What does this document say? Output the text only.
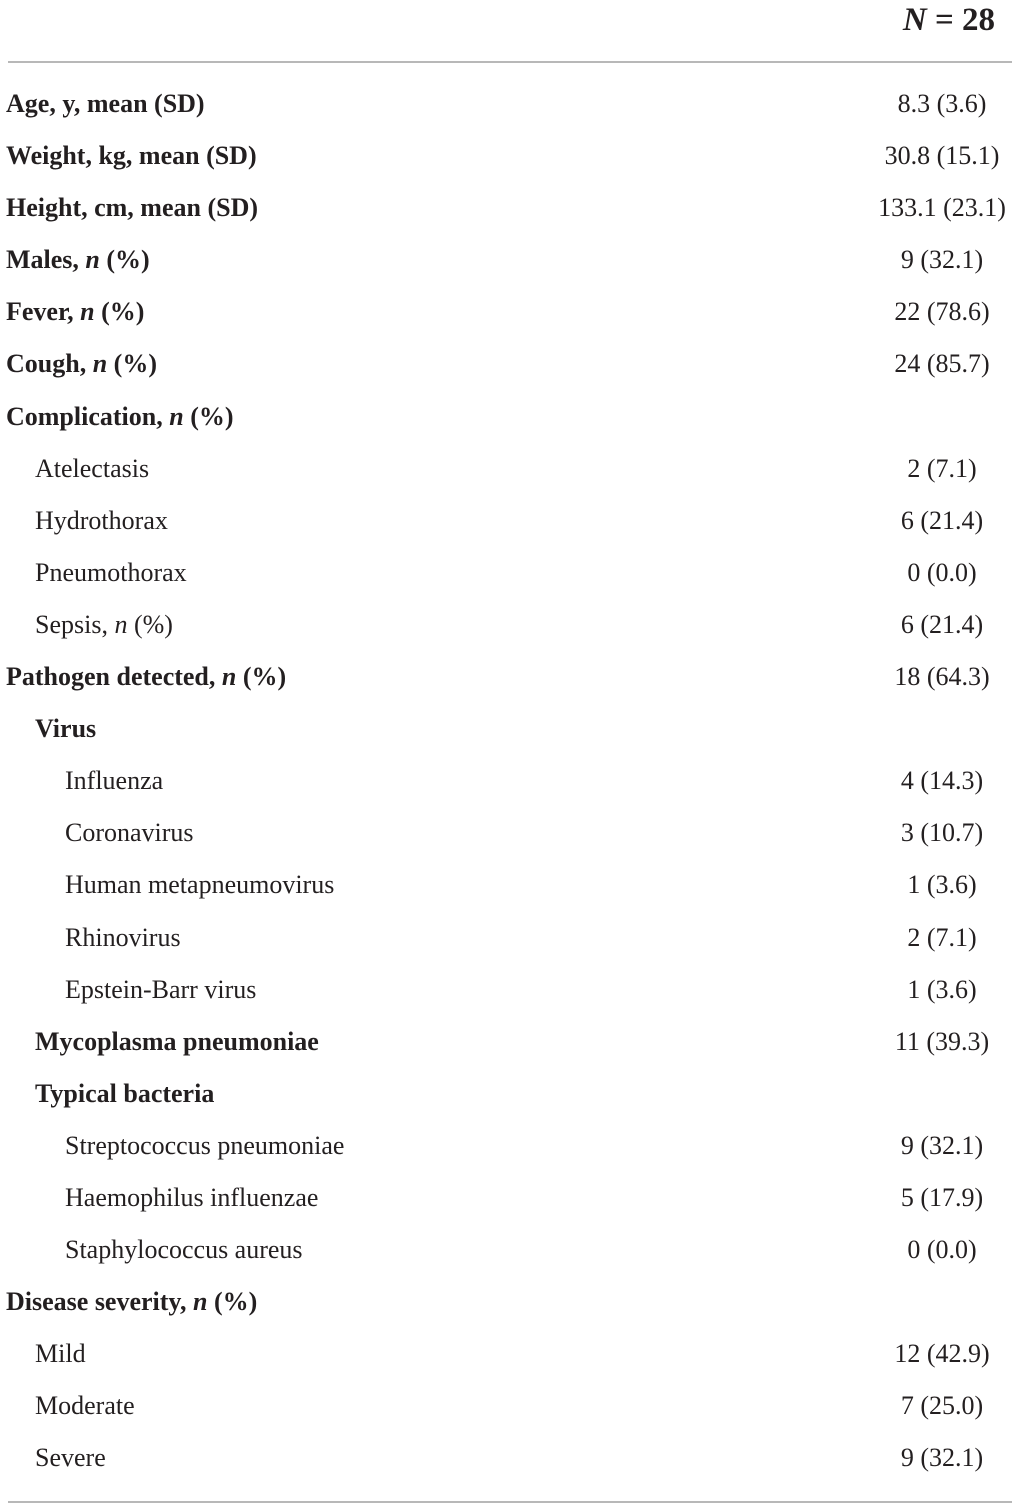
N = 28
Age, y, mean (SD)	8.3 (3.6)
Weight, kg, mean (SD)	30.8 (15.1)
Height, cm, mean (SD)	133.1 (23.1)
Males, n (%)	9 (32.1)
Fever, n (%)	22 (78.6)
Cough, n (%)	24 (85.7)
Complication, n (%)
Atelectasis	2 (7.1)
Hydrothorax	6 (21.4)
Pneumothorax	0 (0.0)
Sepsis, n (%)	6 (21.4)
Pathogen detected, n (%)	18 (64.3)
Virus
Influenza	4 (14.3)
Coronavirus	3 (10.7)
Human metapneumovirus	1 (3.6)
Rhinovirus	2 (7.1)
Epstein-Barr virus	1 (3.6)
Mycoplasma pneumoniae	11 (39.3)
Typical bacteria
Streptococcus pneumoniae	9 (32.1)
Haemophilus influenzae	5 (17.9)
Staphylococcus aureus	0 (0.0)
Disease severity, n (%)
Mild	12 (42.9)
Moderate	7 (25.0)
Severe	9 (32.1)
